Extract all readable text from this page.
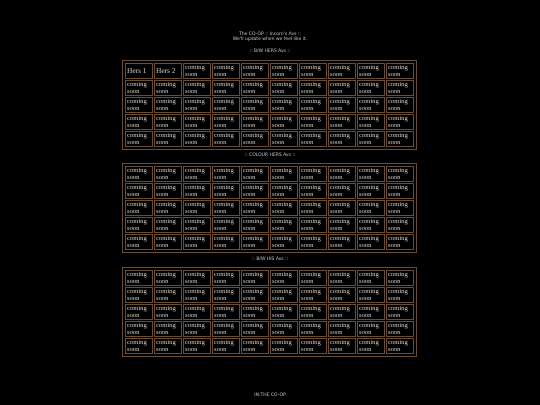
The CO-OP :: Incorn's Avs ::
We'll update when we feel like it.
:: B/W HERS Avs ::
Hers 1	Hers 2	coming soon	coming soon	coming soon	coming soon	coming soon	coming soon	coming soon	coming soon
coming soon	coming soon	coming soon	coming soon	coming soon	coming soon	coming soon	coming soon	coming soon	coming soon
coming soon	coming soon	coming soon	coming soon	coming soon	coming soon	coming soon	coming soon	coming soon	coming soon
coming soon	coming soon	coming soon	coming soon	coming soon	coming soon	coming soon	coming soon	coming soon	coming soon
coming soon	coming soon	coming soon	coming soon	coming soon	coming soon	coming soon	coming soon	coming soon	coming soon
:: COLOUR HERS Avs ::
coming soon	coming soon	coming soon	coming soon	coming soon	coming soon	coming soon	coming soon	coming soon	coming soon
coming soon	coming soon	coming soon	coming soon	coming soon	coming soon	coming soon	coming soon	coming soon	coming soon
coming soon	coming soon	coming soon	coming soon	coming soon	coming soon	coming soon	coming soon	coming soon	coming soon
coming soon	coming soon	coming soon	coming soon	coming soon	coming soon	coming soon	coming soon	coming soon	coming soon
coming soon	coming soon	coming soon	coming soon	coming soon	coming soon	coming soon	coming soon	coming soon	coming soon
:: B/W HIS Avs ::
coming soon	coming soon	coming soon	coming soon	coming soon	coming soon	coming soon	coming soon	coming soon	coming soon
coming soon	coming soon	coming soon	coming soon	coming soon	coming soon	coming soon	coming soon	coming soon	coming soon
coming soon	coming soon	coming soon	coming soon	coming soon	coming soon	coming soon	coming soon	coming soon	coming soon
coming soon	coming soon	coming soon	coming soon	coming soon	coming soon	coming soon	coming soon	coming soon	coming soon
coming soon	coming soon	coming soon	coming soon	coming soon	coming soon	coming soon	coming soon	coming soon	coming soon
IN:THE CO-OP
